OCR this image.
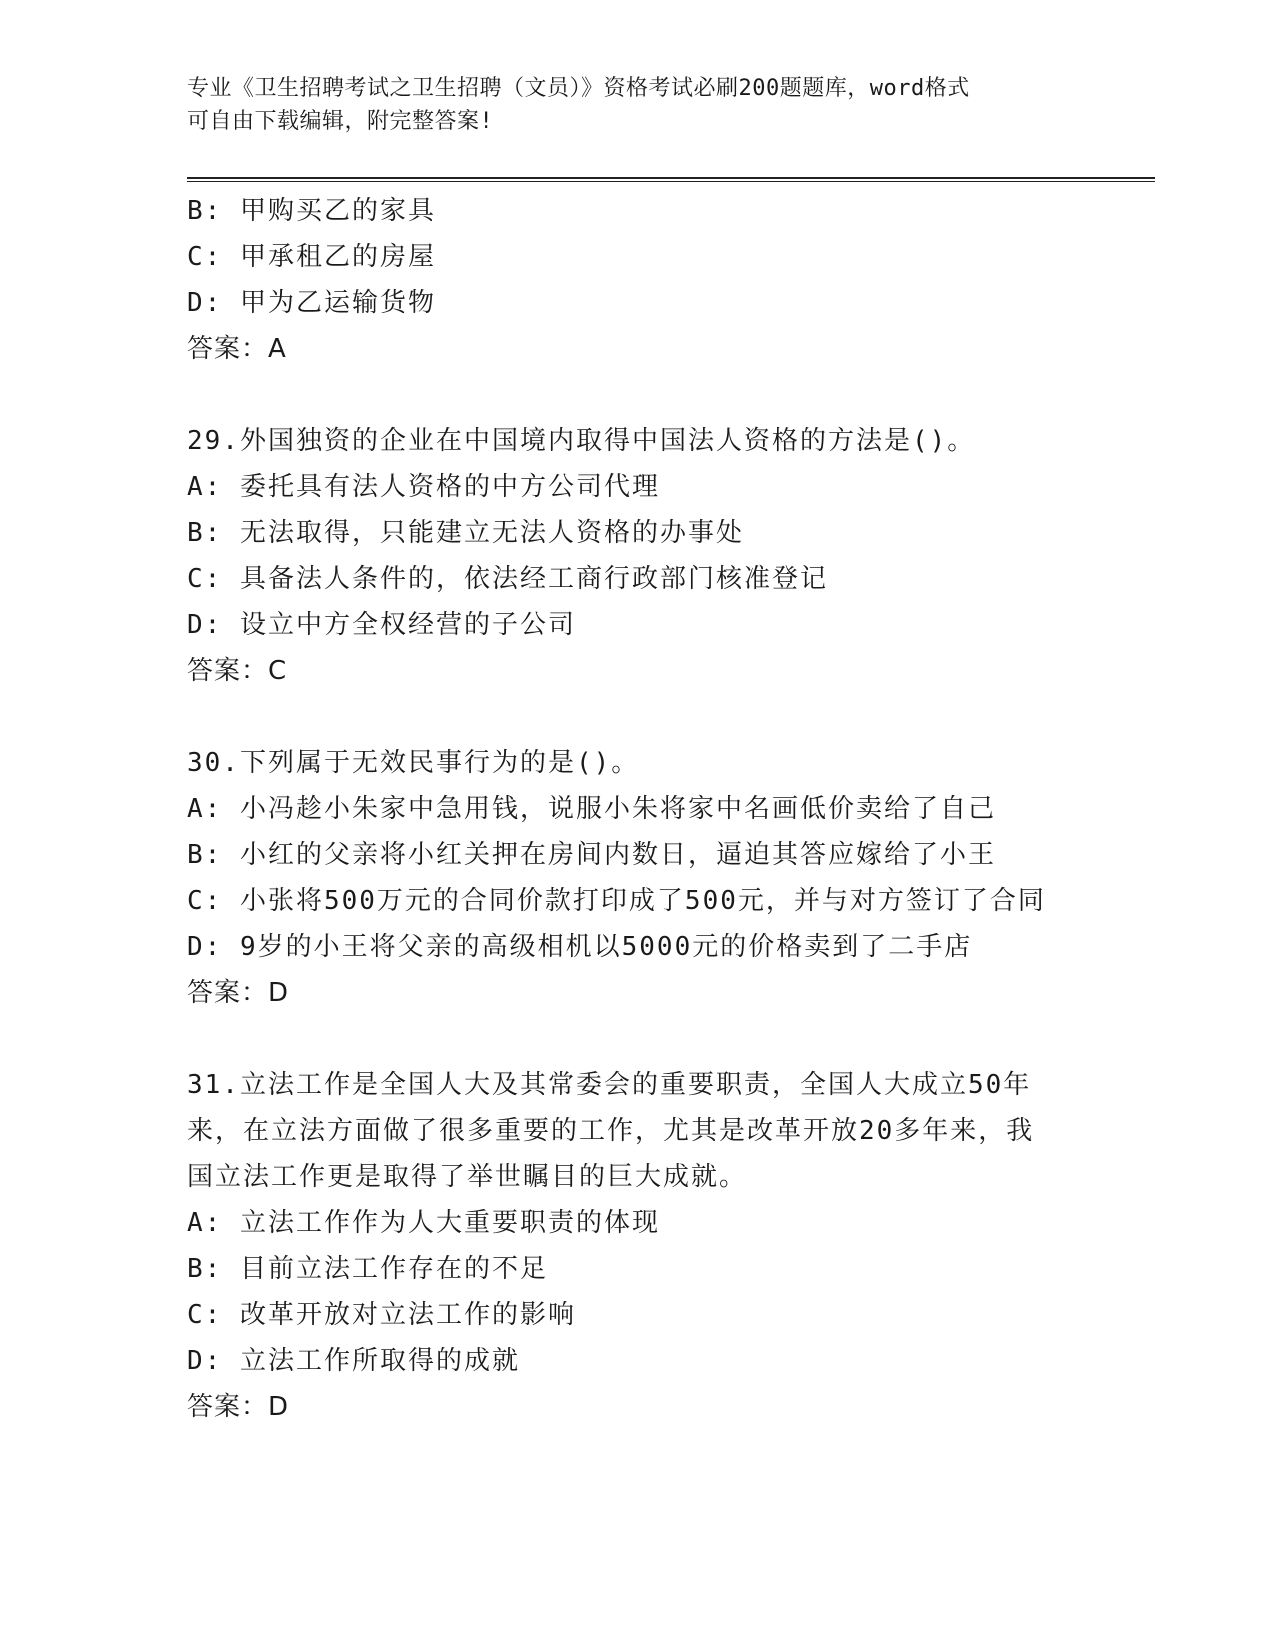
专业《卫生招聘考试之卫生招聘（文员）》资格考试必刷200题题库，word格式
可自由下载编辑，附完整答案!
B: 甲购买乙的家具
C: 甲承租乙的房屋
D: 甲为乙运输货物
答案：A
29.外国独资的企业在中国境内取得中国法人资格的方法是()。
A: 委托具有法人资格的中方公司代理
B: 无法取得，只能建立无法人资格的办事处
C: 具备法人条件的，依法经工商行政部门核准登记
D: 设立中方全权经营的子公司
答案：C
30.下列属于无效民事行为的是()。
A: 小冯趁小朱家中急用钱，说服小朱将家中名画低价卖给了自己
B: 小红的父亲将小红关押在房间内数日，逼迫其答应嫁给了小王
C: 小张将500万元的合同价款打印成了500元，并与对方签订了合同
D: 9岁的小王将父亲的高级相机以5000元的价格卖到了二手店
答案：D
31.立法工作是全国人大及其常委会的重要职责，全国人大成立50年
来，在立法方面做了很多重要的工作，尤其是改革开放20多年来，我
国立法工作更是取得了举世瞩目的巨大成就。
A: 立法工作作为人大重要职责的体现
B: 目前立法工作存在的不足
C: 改革开放对立法工作的影响
D: 立法工作所取得的成就
答案：D
